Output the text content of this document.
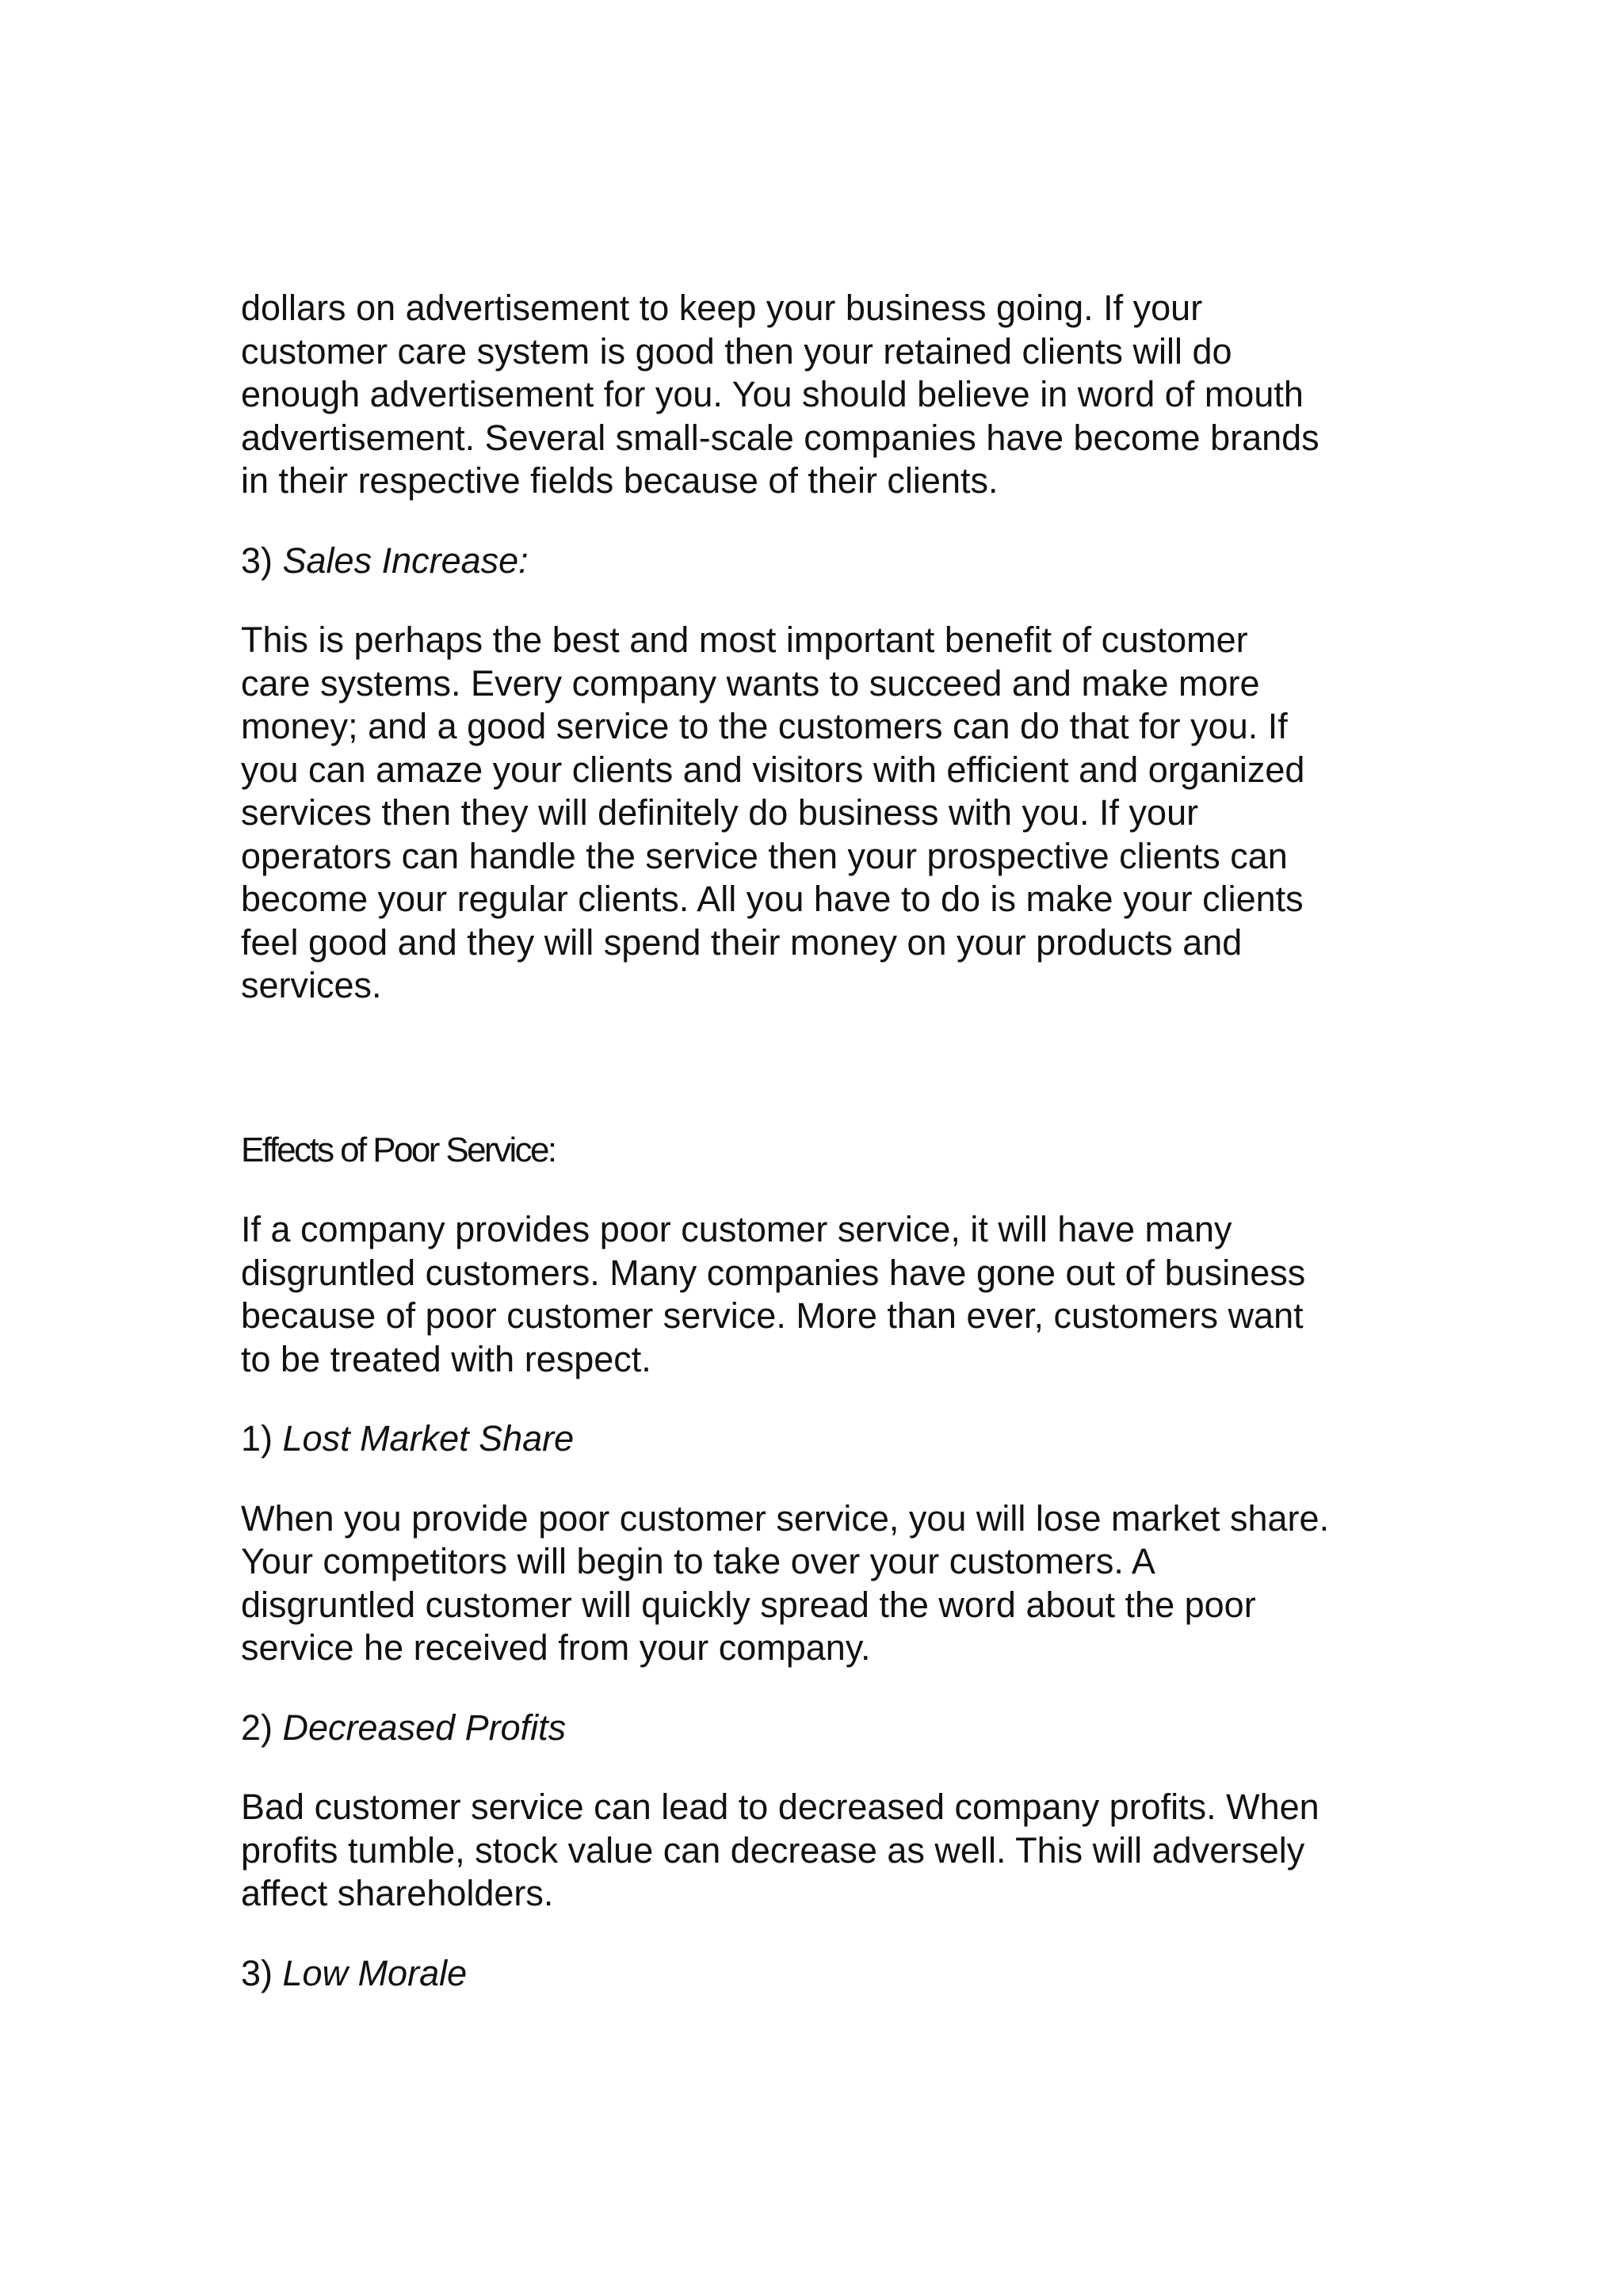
dollars on advertisement to keep your business going. If your
customer care system is good then your retained clients will do
enough advertisement for you. You should believe in word of mouth
advertisement. Several small-scale companies have become brands
in their respective fields because of their clients.

3) Sales Increase:

This is perhaps the best and most important benefit of customer
care systems. Every company wants to succeed and make more
money; and a good service to the customers can do that for you. If
you can amaze your clients and visitors with efficient and organized
services then they will definitely do business with you. If your
operators can handle the service then your prospective clients can
become your regular clients. All you have to do is make your clients
feel good and they will spend their money on your products and
services.

Effects of Poor Service:

If a company provides poor customer service, it will have many
disgruntled customers. Many companies have gone out of business
because of poor customer service. More than ever, customers want
to be treated with respect.

1) Lost Market Share

When you provide poor customer service, you will lose market share.
Your competitors will begin to take over your customers. A
disgruntled customer will quickly spread the word about the poor
service he received from your company.

2) Decreased Profits

Bad customer service can lead to decreased company profits. When
profits tumble, stock value can decrease as well. This will adversely
affect shareholders.

3) Low Morale
